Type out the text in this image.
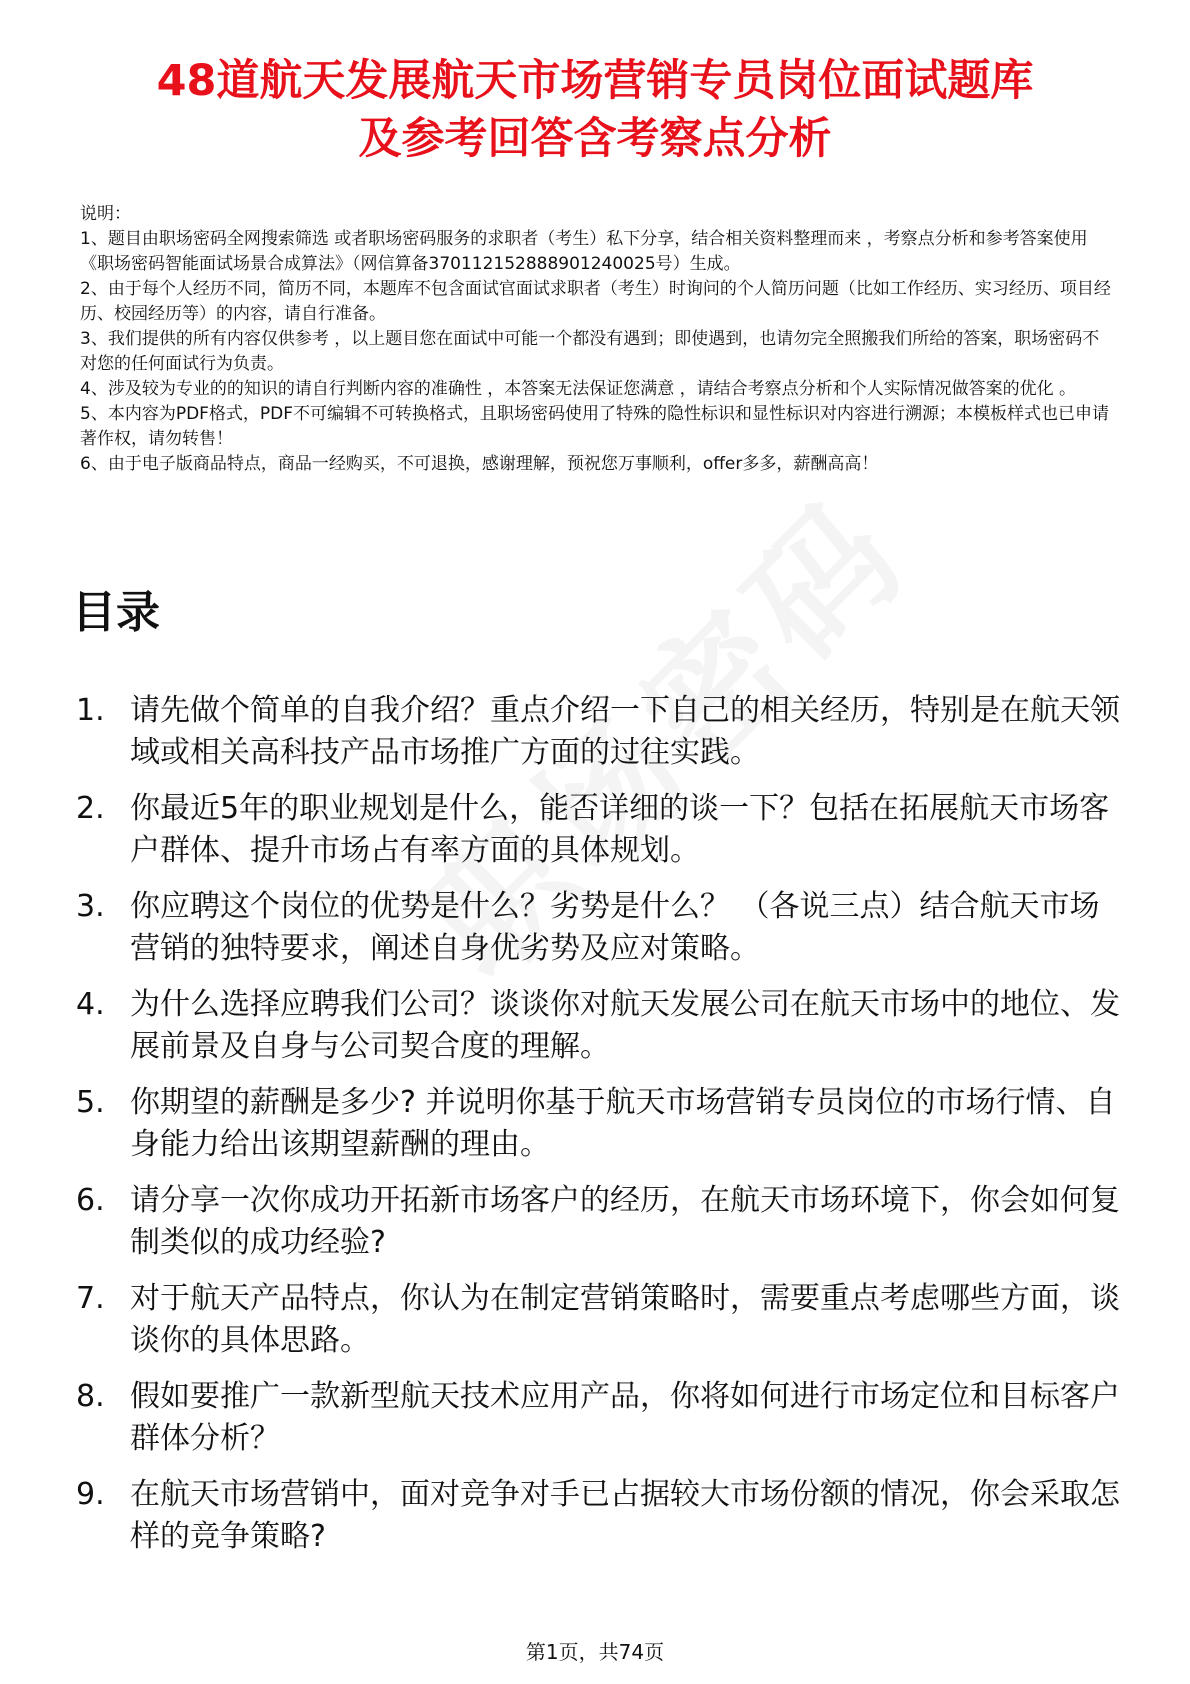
48道航天发展航天市场营销专员岗位面试题库
及参考回答含考察点分析

说明：

1、题目由职场密码全网搜索筛选 或者职场密码服务的求职者（考生）私下分享，结合相关资料整理而来 ，考察点分析和参考答案使用《职场密码智能面试场景合成算法》（网信算备370112152888901240025号）生成。

2、由于每个人经历不同，简历不同，本题库不包含面试官面试求职者（考生）时询问的个人简历问题（比如工作经历、实习经历、项目经历、校园经历等）的内容，请自行准备。

3、我们提供的所有内容仅供参考 ，以上题目您在面试中可能一个都没有遇到；即使遇到，也请勿完全照搬我们所给的答案，职场密码不对您的任何面试行为负责。

4、涉及较为专业的的知识的请自行判断内容的准确性 ，本答案无法保证您满意 ，请结合考察点分析和个人实际情况做答案的优化 。

5、本内容为PDF格式，PDF不可编辑不可转换格式，且职场密码使用了特殊的隐性标识和显性标识对内容进行溯源；本模板样式也已申请著作权，请勿转售！

6、由于电子版商品特点，商品一经购买，不可退换，感谢理解，预祝您万事顺利，offer多多，薪酬高高！

目录
1. 请先做个简单的自我介绍？重点介绍一下自己的相关经历，特别是在航天领域或相关高科技产品市场推广方面的过往实践。
2. 你最近5年的职业规划是什么，能否详细的谈一下？包括在拓展航天市场客户群体、提升市场占有率方面的具体规划。
3. 你应聘这个岗位的优势是什么？劣势是什么？ （各说三点）结合航天市场营销的独特要求，阐述自身优劣势及应对策略。
4. 为什么选择应聘我们公司？谈谈你对航天发展公司在航天市场中的地位、发展前景及自身与公司契合度的理解。
5. 你期望的薪酬是多少? 并说明你基于航天市场营销专员岗位的市场行情、自身能力给出该期望薪酬的理由。
6. 请分享一次你成功开拓新市场客户的经历，在航天市场环境下，你会如何复制类似的成功经验?
7. 对于航天产品特点，你认为在制定营销策略时，需要重点考虑哪些方面，谈谈你的具体思路。
8. 假如要推广一款新型航天技术应用产品，你将如何进行市场定位和目标客户群体分析？
9. 在航天市场营销中，面对竞争对手已占据较大市场份额的情况，你会采取怎样的竞争策略?
第1页，共74页
